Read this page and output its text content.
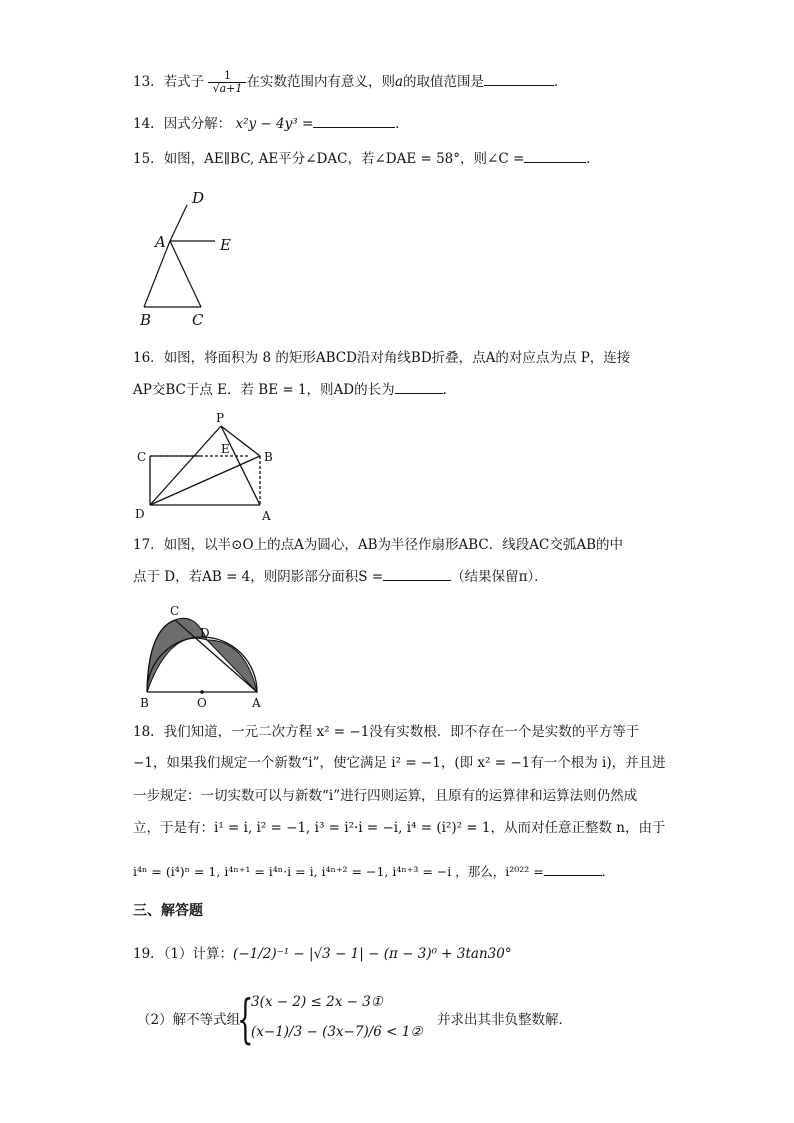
13．若式子 $\frac{1}{√a+1}$ 在实数范围内有意义，则a的取值范围是	．
14．因式分解： x²y − 4y³ =	．
15．如图，AE∥BC, AE平分∠DAC，若∠DAE = 58°，则∠C =	．
D
A	E
B	C
16．如图，将面积为 8 的矩形ABCD沿对角线BD折叠，点A的对应点为点 P，连接
AP交BC于点 E．若 BE = 1，则AD的长为	．
P
C
E
B
D	A
17．如图，以半⊙O上的点A为圆心，AB为半径作扇形ABC．线段AC交弧AB的中
点于 D，若AB = 4，则阴影部分面积S =	（结果保留π）．
C
D
B	O	A
18．我们知道，一元二次方程 x² = −1没有实数根．即不存在一个是实数的平方等于
−1，如果我们规定一个新数“i”，使它满足 i² = −1，(即 x² = −1有一个根为 i)，并且进
一步规定：一切实数可以与新数“i”进行四则运算，且原有的运算律和运算法则仍然成
立，于是有：i¹ = i, i² = −1, i³ = i²·i = −i, i⁴ = (i²)² = 1，从而对任意正整数 n，由于
i⁴ⁿ = (i⁴)ⁿ = 1, i⁴ⁿ⁺¹ = i⁴ⁿ·i = i, i⁴ⁿ⁺² = −1, i⁴ⁿ⁺³ = −i ，那么，i²⁰²² =	．
三、解答题
19．（1）计算：(−1/2)⁻¹ − |√3 − 1| − (π − 3)⁰ + 3tan30°
（2）解不等式组
{
3(x − 2) ≤ 2x − 3①
(x−1)/3 − (3x−7)/6 < 1②
并求出其非负整数解．
